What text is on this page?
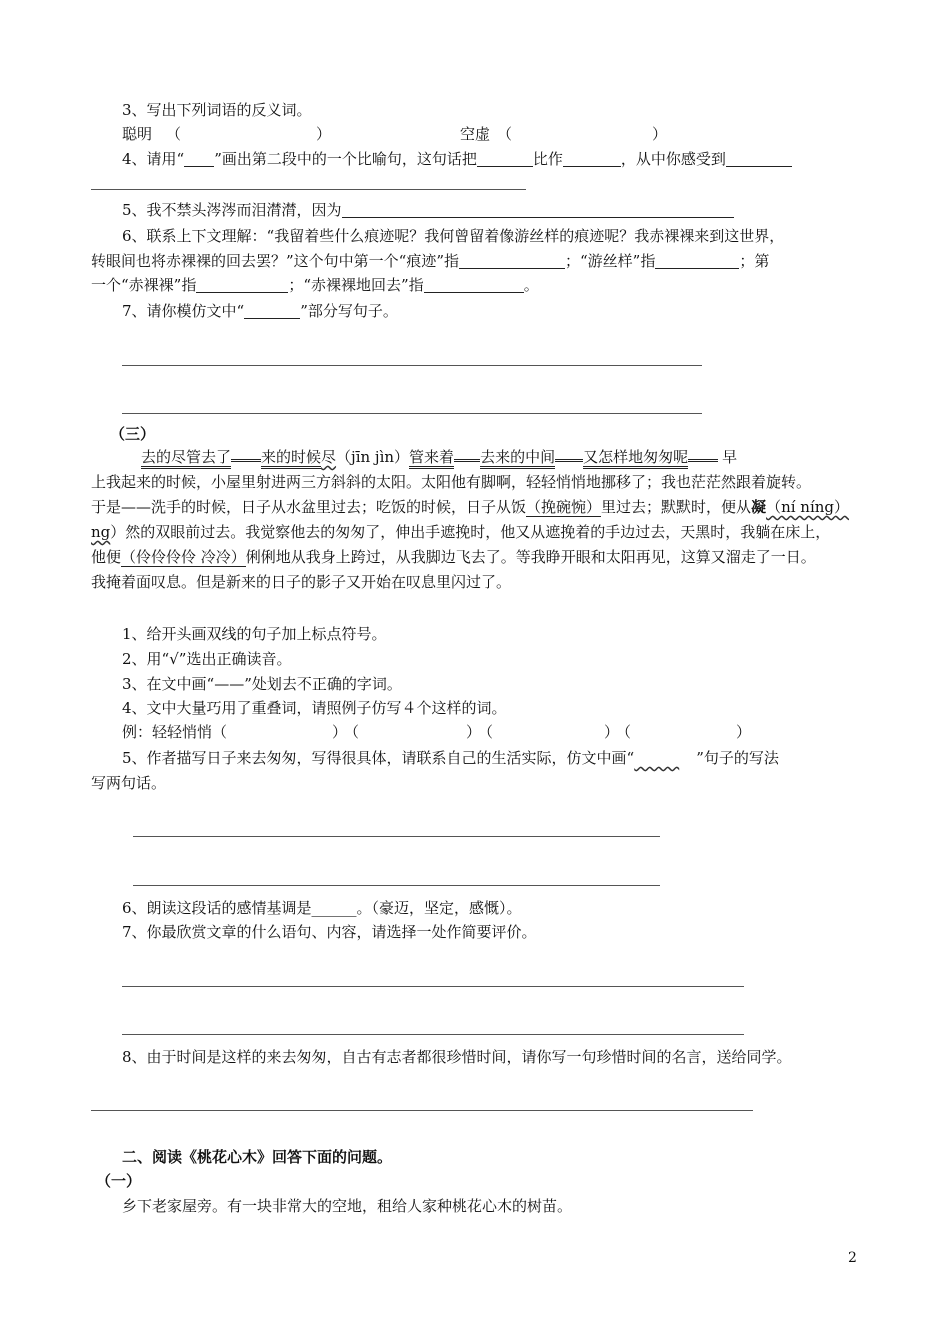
3、写出下列词语的反义词。
聪明 （	）	空虚 （	）
4、请用“ ”画出第二段中的一个比喻句，这句话把	比作	，从中你感受到
5、我不禁头涔涔而泪潸潸，因为
6、联系上下文理解：“我留着些什么痕迹呢？我何曾留着像游丝样的痕迹呢？我赤裸裸来到这世界，
转眼间也将赤裸裸的回去罢？”这个句中第一个“痕迹”指	；“游丝样”指	；第
一个“赤裸裸”指	；“赤裸裸地回去”指	。
7、请你模仿文中“	”部分写句子。
（三）
去的尽管去了 来的时候尽（jīn jìn）管来着 去来的中间 又怎样地匆匆呢 早
上我起来的时候，小屋里射进两三方斜斜的太阳。太阳他有脚啊，轻轻悄悄地挪移了；我也茫茫然跟着旋转。
于是——洗手的时候，日子从水盆里过去；吃饭的时候，日子从饭（挽碗惋）里过去；默默时，便从凝（ní níng）
ng）然的双眼前过去。我觉察他去的匆匆了，伸出手遮挽时，他又从遮挽着的手边过去，天黑时，我躺在床上，
他便（伶伶伶伶 冷冷）俐俐地从我身上跨过，从我脚边飞去了。等我睁开眼和太阳再见，这算又溜走了一日。
我掩着面叹息。但是新来的日子的影子又开始在叹息里闪过了。
1、给开头画双线的句子加上标点符号。
2、用“√”选出正确读音。
3、在文中画“——”处划去不正确的字词。
4、文中大量巧用了重叠词，请照例子仿写４个这样的词。
例：轻轻悄悄（	）
（	）
（	）
（	）
5、作者描写日子来去匆匆，写得很具体，请联系自己的生活实际，仿文中画“	”句子的写法
写两句话。
6、朗读这段话的感情基调是______。（豪迈，坚定，感慨）。
7、你最欣赏文章的什么语句、内容，请选择一处作简要评价。
8、由于时间是这样的来去匆匆，自古有志者都很珍惜时间，请你写一句珍惜时间的名言，送给同学。
二、阅读《桃花心木》回答下面的问题。
（一）
乡下老家屋旁。有一块非常大的空地，租给人家种桃花心木的树苗。
2
